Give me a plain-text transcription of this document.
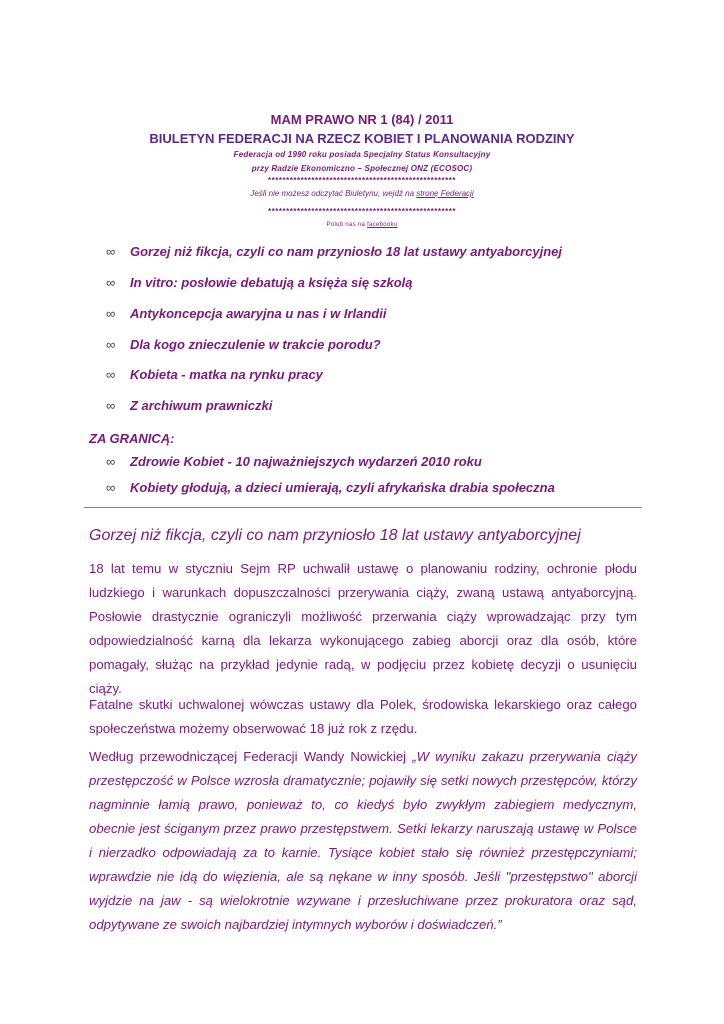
MAM PRAWO NR 1 (84) / 2011
BIULETYN FEDERACJI NA RZECZ KOBIET I PLANOWANIA RODZINY
Federacja od 1990 roku posiada Specjalny Status Konsultacyjny
przy Radzie Ekonomiczno – Społecznej ONZ (ECOSOC)
****************************************************
Jeśli nie możesz odczytać Biuletynu, wejdź na stronę Federacji
****************************************************
Polub nas na facebooku
∞ Gorzej niż fikcja, czyli co nam przyniosło 18 lat ustawy antyaborcyjnej
∞ In vitro: posłowie debatują a księża się szkolą
∞ Antykoncepcja awaryjna u nas i w Irlandii
∞ Dla kogo znieczulenie w trakcie porodu?
∞ Kobieta - matka na rynku pracy
∞ Z archiwum prawniczki
∞ Zdrowie Kobiet - 10 najważniejszych wydarzeń 2010 roku
∞ Kobiety głodują, a dzieci umierają, czyli afrykańska drabia społeczna
ZA GRANICĄ:
Gorzej niż fikcja, czyli co nam przyniosło 18 lat ustawy antyaborcyjnej
18 lat temu w styczniu Sejm RP uchwalił ustawę o planowaniu rodziny, ochronie płodu ludzkiego i warunkach dopuszczalności przerywania ciąży, zwaną ustawą antyaborcyjną. Posłowie drastycznie ograniczyli możliwość przerwania ciąży wprowadzając przy tym odpowiedzialność karną dla lekarza wykonującego zabieg aborcji oraz dla osób, które pomagały, służąc na przykład jedynie radą, w podjęciu przez kobietę decyzji o usunięciu ciąży.
Fatalne skutki uchwalonej wówczas ustawy dla Polek, środowiska lekarskiego oraz całego społeczeństwa możemy obserwować 18 już rok z rzędu.
Według przewodniczącej Federacji Wandy Nowickiej „W wyniku zakazu przerywania ciąży przestępczość w Polsce wzrosła dramatycznie; pojawiły się setki nowych przestępców, którzy nagminnie łamią prawo, ponieważ to, co kiedyś było zwykłym zabiegiem medycznym, obecnie jest ściganym przez prawo przestępstwem. Setki lekarzy naruszają ustawę w Polsce i nierzadko odpowiadają za to karnie. Tysiące kobiet stało się również przestępczyniami; wprawdzie nie idą do więzienia, ale są nękane w inny sposób. Jeśli "przestępstwo" aborcji wyjdzie na jaw - są wielokrotnie wzywane i przesłuchiwane przez prokuratora oraz sąd, odpytywane ze swoich najbardziej intymnych wyborów i doświadczeń.”
